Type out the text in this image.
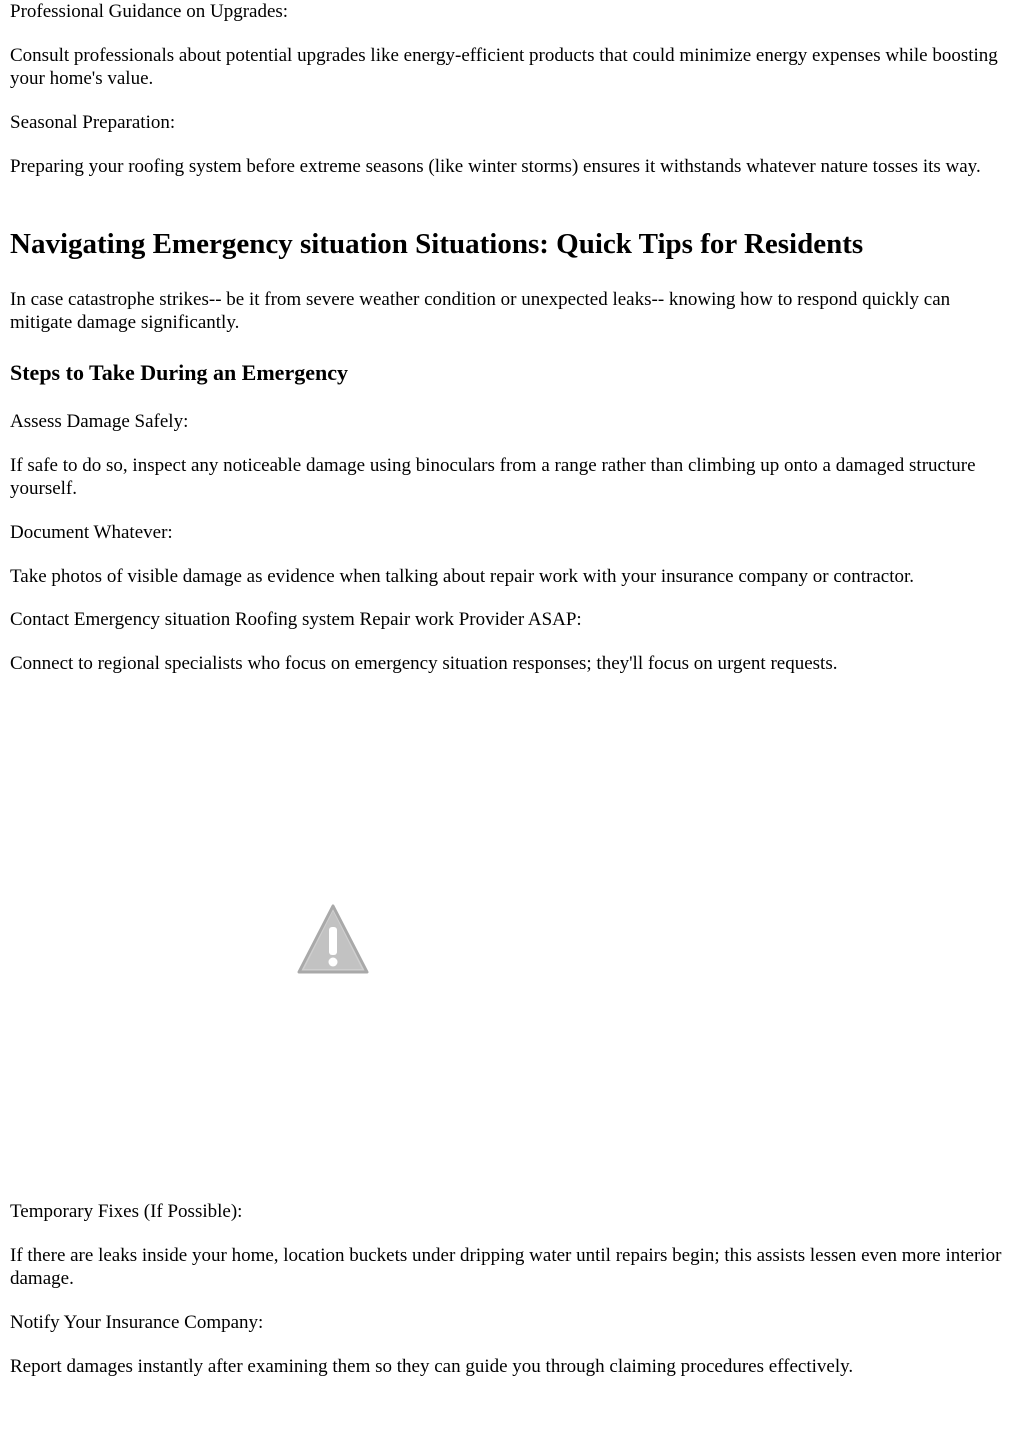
Professional Guidance on Upgrades:

Consult professionals about potential upgrades like energy-efficient products that could minimize energy expenses while boosting your home's value.

Seasonal Preparation:

Preparing your roofing system before extreme seasons (like winter storms) ensures it withstands whatever nature tosses its way.

Navigating Emergency situation Situations: Quick Tips for Residents

In case catastrophe strikes-- be it from severe weather condition or unexpected leaks-- knowing how to respond quickly can mitigate damage significantly.

Steps to Take During an Emergency

Assess Damage Safely:

If safe to do so, inspect any noticeable damage using binoculars from a range rather than climbing up onto a damaged structure yourself.

Document Whatever:

Take photos of visible damage as evidence when talking about repair work with your insurance company or contractor.

Contact Emergency situation Roofing system Repair work Provider ASAP:

Connect to regional specialists who focus on emergency situation responses; they'll focus on urgent requests.

Temporary Fixes (If Possible):

If there are leaks inside your home, location buckets under dripping water until repairs begin; this assists lessen even more interior damage.

Notify Your Insurance Company:

Report damages instantly after examining them so they can guide you through claiming procedures effectively.
